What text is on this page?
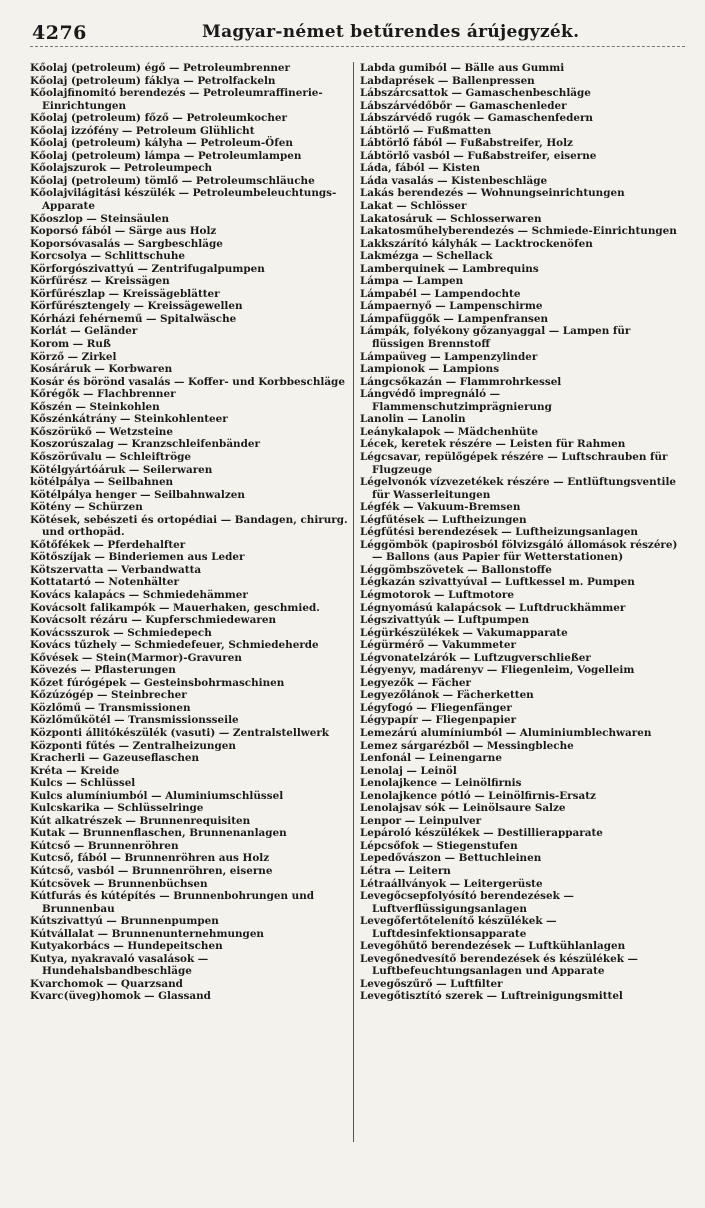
4276	Magyar-német betűrendes árújegyzék.
Kőolaj (petroleum) égő — Petroleumbrenner
Kőolaj (petroleum) fáklya — Petrolfackeln
Kőolajfinomitó berendezés — Petroleumraffinerie-Einrichtungen
Kőolaj (petroleum) főző — Petroleumkocher
Kőolaj izzófény — Petroleum Glühlicht
Kőolaj (petroleum) kályha — Petroleum-Öfen
Kőolaj (petroleum) lámpa — Petroleumlampen
Kőolajszurok — Petroleumpech
Kőolaj (petroleum) tömlő — Petroleumschläuche
Kőolajvilágitási készülék — Petroleumbeleuchtungs-Apparate
Kőoszlop — Steinsäulen
Koporsó fából — Särge aus Holz
Koporsóvasalás — Sargbeschläge
Korcsolya — Schlittschuhe
Körforgószivattyú — Zentrifugalpumpen
Körfűrész — Kreissägen
Körfűrészlap — Kreissägeblätter
Körfűrésztengely — Kreissägewellen
Kórházi fehérnemű — Spitalwäsche
Korlát — Geländer
Korom — Ruß
Körző — Zirkel
Kosáráruk — Korbwaren
Kosár és börönd vasalás — Koffer- und Korbbeschläge
Kőrégők — Flachbrenner
Kőszén — Steinkohlen
Kőszénkátrány — Steinkohlenteer
Kőszörükő — Wetzsteine
Koszorúszalag — Kranzschleifenbänder
Kőszörűvalu — Schleiftröge
Kötélgyártóáruk — Seilerwaren
kötélpálya — Seilbahnen
Kötélpálya henger — Seilbahnwalzen
Kötény — Schürzen
Kötések, sebészeti és ortopédiai — Bandagen, chirurg. und orthopäd.
Kőtőfékek — Pferdehalfter
Kötőszíjak — Binderiemen aus Leder
Kötszervatta — Verbandwatta
Kottatartó — Notenhälter
Kovács kalapács — Schmiedehämmer
Kovácsolt falikampók — Mauerhaken, geschmied.
Kovácsolt rézáru — Kupferschmiedewaren
Kovácsszurok — Schmiedepech
Kovács tűzhely — Schmiedefeuer, Schmiedeherde
Kővések — Stein(Marmor)-Gravuren
Kövezés — Pflasterungen
Kőzet fúrógépek — Gesteinsbohrmaschinen
Kőzúzógép — Steinbrecher
Közlőmű — Transmissionen
Közlőműkötél — Transmissionsseile
Központi állitókészülék (vasuti) — Zentralstellwerk
Központi fűtés — Zentralheizungen
Kracherli — Gazeuseflaschen
Kréta — Kreide
Kulcs — Schlüssel
Kulcs alumíniumból — Aluminiumschlüssel
Kulcskarika — Schlüsselringe
Kút alkatrészek — Brunnenrequisiten
Kutak — Brunnenflaschen, Brunnenanlagen
Kútcső — Brunnenröhren
Kutcső, fából — Brunnenröhren aus Holz
Kútcső, vasból — Brunnenröhren, eiserne
Kútcsövek — Brunnenbüchsen
Kútfurás és kútépítés — Brunnenbohrungen und Brunnenbau
Kútszivattyú — Brunnenpumpen
Kútvállalat — Brunnenunternehmungen
Kutyakorbács — Hundepeitschen
Kutya, nyakravaló vasalások — Hundehalsbandbeschläge
Kvarchomok — Quarzsand
Kvarc(üveg)homok — Glassand
Labda gumiból — Bälle aus Gummi
Labdaprések — Ballenpressen
Lábszárcsattok — Gamaschenbeschläge
Lábszárvédőbőr — Gamaschenleder
Lábszárvédő rugók — Gamaschenfedern
Lábtörlő — Fußmatten
Lábtörlő fából — Fußabstreifer, Holz
Lábtörlő vasból — Fußabstreifer, eiserne
Láda, fából — Kisten
Láda vasalás — Kistenbeschläge
Lakás berendezés — Wohnungseinrichtungen
Lakat — Schlösser
Lakatosáruk — Schlosserwaren
Lakatosműhelyberendezés — Schmiede-Einrichtungen
Lakkszárító kályhák — Lacktrockenöfen
Lakmézga — Schellack
Lamberquinek — Lambrequins
Lámpa — Lampen
Lámpabél — Lampendochte
Lámpaernyő — Lampenschirme
Lámpafüggők — Lampenfransen
Lámpák, folyékony gőzanyaggal — Lampen für flüssigen Brennstoff
Lámpaüveg — Lampenzylinder
Lampionok — Lampions
Lángcsőkazán — Flammrohrkessel
Lángvédő impregnáló — Flammenschutzimprägnierung
Lanolin — Lanolin
Leánykalapok — Mädchenhüte
Lécek, keretek részére — Leisten für Rahmen
Légcsavar, repülőgépek részére — Luftschrauben für Flugzeuge
Légelvonók vízvezetékek részére — Entlüftungsventile für Wasserleitungen
Légfék — Vakuum-Bremsen
Légfűtések — Luftheizungen
Légfűtési berendezések — Luftheizungsanlagen
Léggömbök (papirosból fölvizsgáló állomások részére) — Ballons (aus Papier für Wetterstationen)
Léggömbszövetek — Ballonstoffe
Légkazán szivattyúval — Luftkessel m. Pumpen
Légmotorok — Luftmotore
Légnyomású kalapácsok — Luftdruckhämmer
Légszivattyúk — Luftpumpen
Légürkészülékek — Vakumapparate
Légürmérő — Vakummeter
Légvonatelzárók — Luftzugverschließer
Légyenyv, madárenyv — Fliegenleim, Vogelleim
Legyezők — Fächer
Legyezőlánok — Fächerketten
Légyfogó — Fliegenfänger
Légypapír — Fliegenpapier
Lemezárú alumíniumból — Aluminiumblechwaren
Lemez sárgarézből — Messingbleche
Lenfonál — Leinengarne
Lenolaj — Leinöl
Lenolajkence — Leinölfirnis
Lenolajkence pótló — Leinölfirnis-Ersatz
Lenolajsav sók — Leinölsaure Salze
Lenpor — Leinpulver
Lepároló készülékek — Destillierapparate
Lépcsőfok — Stiegenstufen
Lepedővászon — Bettuchleinen
Létra — Leitern
Létraállványok — Leitergerüste
Levegőcsepfolyósító berendezések — Luftverflüssigungsanlagen
Levegőfertőtelenítő készülékek — Luftdesinfektionsapparate
Levegőhűtő berendezések — Luftkühlanlagen
Levegőnedvesítő berendezések és készülékek — Luftbefeuchtungsanlagen und Apparate
Levegőszűrő — Luftfilter
Levegőtisztító szerek — Luftreinigungsmittel
